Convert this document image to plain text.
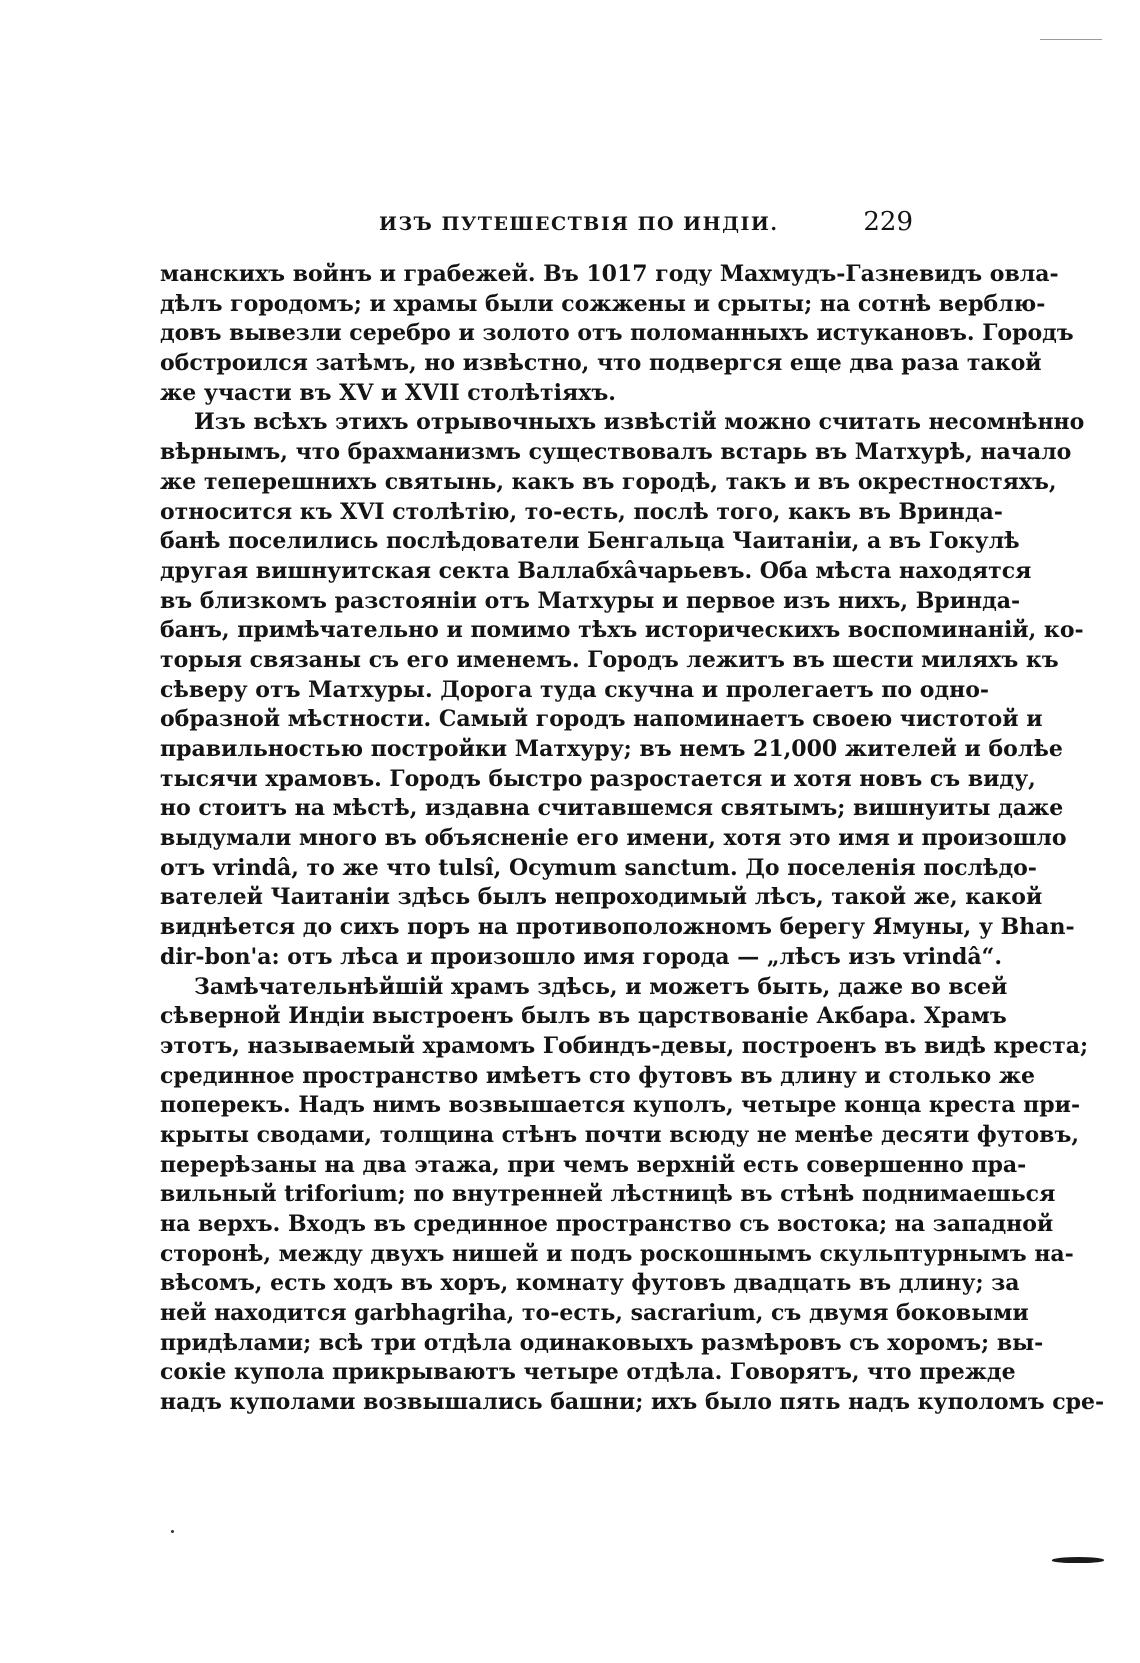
ИЗЪ ПУТЕШЕСТВІЯ ПО ИНДІИ.	229
манскихъ войнъ и грабежей. Въ 1017 году Махмудъ-Газневидъ овла-
дѣлъ городомъ; и храмы были сожжены и срыты; на сотнѣ верблю-
довъ вывезли серебро и золото отъ поломанныхъ истукановъ. Городъ
обстроился затѣмъ, но извѣстно, что подвергся еще два раза такой
же участи въ XV и XVII столѣтіяхъ.
Изъ всѣхъ этихъ отрывочныхъ извѣстій можно считать несомнѣнно
вѣрнымъ, что брахманизмъ существовалъ встарь въ Матхурѣ, начало
же теперешнихъ святынь, какъ въ городѣ, такъ и въ окрестностяхъ,
относится къ XVI столѣтію, то-есть, послѣ того, какъ въ Вринда-
банѣ поселились послѣдователи Бенгальца Чаитаніи, а въ Гокулѣ
другая вишнуитская секта Валлабхâчарьевъ. Оба мѣста находятся
въ близкомъ разстояніи отъ Матхуры и первое изъ нихъ, Вринда-
банъ, примѣчательно и помимо тѣхъ историческихъ воспоминаній, ко-
торыя связаны съ его именемъ. Городъ лежитъ въ шести миляхъ къ
сѣверу отъ Матхуры. Дорога туда скучна и пролегаетъ по одно-
образной мѣстности. Самый городъ напоминаетъ своею чистотой и
правильностью постройки Матхуру; въ немъ 21,000 жителей и болѣе
тысячи храмовъ. Городъ быстро разростается и хотя новъ съ виду,
но стоитъ на мѣстѣ, издавна считавшемся святымъ; вишнуиты даже
выдумали много въ объясненіе его имени, хотя это имя и произошло
отъ vrindâ, то же что tulsî, Ocymum sanctum. До поселенія послѣдо-
вателей Чаитаніи здѣсь былъ непроходимый лѣсъ, такой же, какой
виднѣется до сихъ поръ на противоположномъ берегу Ямуны, у Bhan-
dir-bon'a: отъ лѣса и произошло имя города — „лѣсъ изъ vrindâ“.
Замѣчательнѣйшій храмъ здѣсь, и можетъ быть, даже во всей
сѣверной Индіи выстроенъ былъ въ царствованіе Акбара. Храмъ
этотъ, называемый храмомъ Гобиндъ-девы, построенъ въ видѣ креста;
срединное пространство имѣетъ сто футовъ въ длину и столько же
поперекъ. Надъ нимъ возвышается куполъ, четыре конца креста при-
крыты сводами, толщина стѣнъ почти всюду не менѣе десяти футовъ,
перерѣзаны на два этажа, при чемъ верхній есть совершенно пра-
вильный triforium; по внутренней лѣстницѣ въ стѣнѣ поднимаешься
на верхъ. Входъ въ срединное пространство съ востока; на западной
сторонѣ, между двухъ нишей и подъ роскошнымъ скульптурнымъ на-
вѣсомъ, есть ходъ въ хоръ, комнату футовъ двадцать въ длину; за
ней находится garbhagriha, то-есть, sacrarium, съ двумя боковыми
придѣлами; всѣ три отдѣла одинаковыхъ размѣровъ съ хоромъ; вы-
сокіе купола прикрываютъ четыре отдѣла. Говорятъ, что прежде
надъ куполами возвышались башни; ихъ было пять надъ куполомъ сре-
